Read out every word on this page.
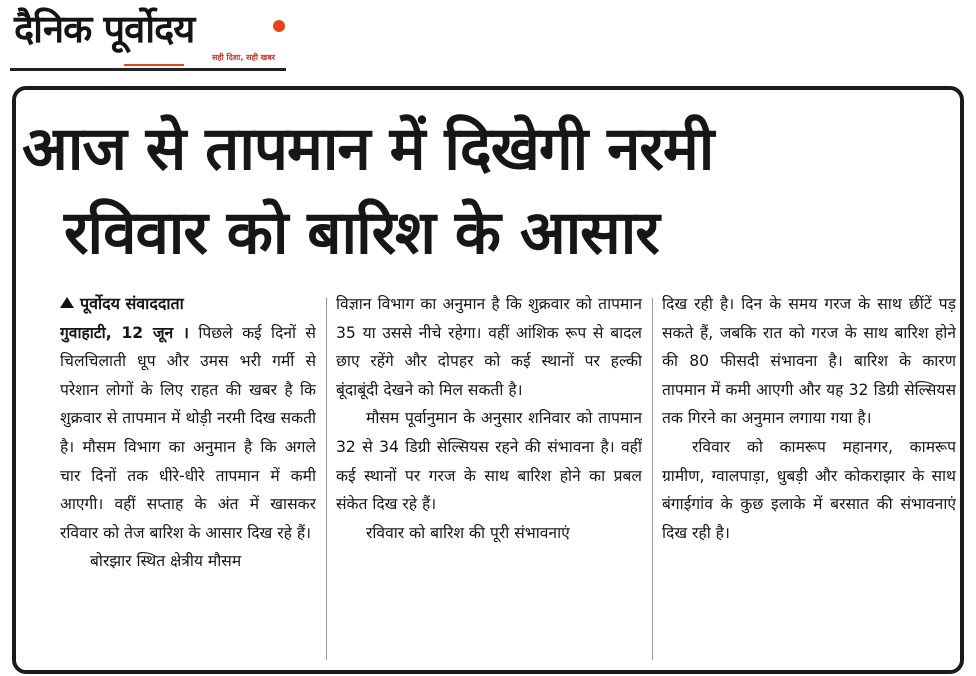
दैनिक पूर्वोदय
सही दिशा, सही खबर
आज से तापमान में दिखेगी नरमी
रविवार को बारिश के आसार

पूर्वोदय संवाददाता
गुवाहाटी, 12 जून । पिछले कई दिनों से चिलचिलाती धूप और उमस भरी गर्मी से परेशान लोगों के लिए राहत की खबर है कि शुक्रवार से तापमान में थोड़ी नरमी दिख सकती है। मौसम विभाग का अनुमान है कि अगले चार दिनों तक धीरे-धीरे तापमान में कमी आएगी। वहीं सप्ताह के अंत में खासकर रविवार को तेज बारिश के आसार दिख रहे हैं।

बोरझार स्थित क्षेत्रीय मौसम

विज्ञान विभाग का अनुमान है कि शुक्रवार को तापमान 35 या उससे नीचे रहेगा। वहीं आंशिक रूप से बादल छाए रहेंगे और दोपहर को कई स्थानों पर हल्की बूंदाबूंदी देखने को मिल सकती है।

मौसम पूर्वानुमान के अनुसार शनिवार को तापमान 32 से 34 डिग्री सेल्सियस रहने की संभावना है। वहीं कई स्थानों पर गरज के साथ बारिश होने का प्रबल संकेत दिख रहे हैं।

रविवार को बारिश की पूरी संभावनाएं

दिख रही है। दिन के समय गरज के साथ छींटें पड़ सकते हैं, जबकि रात को गरज के साथ बारिश होने की 80 फीसदी संभावना है। बारिश के कारण तापमान में कमी आएगी और यह 32 डिग्री सेल्सियस तक गिरने का अनुमान लगाया गया है।

रविवार को कामरूप महानगर, कामरूप ग्रामीण, ग्वालपाड़ा, धुबड़ी और कोकराझार के साथ बंगाईगांव के कुछ इलाके में बरसात की संभावनाएं दिख रही है।
